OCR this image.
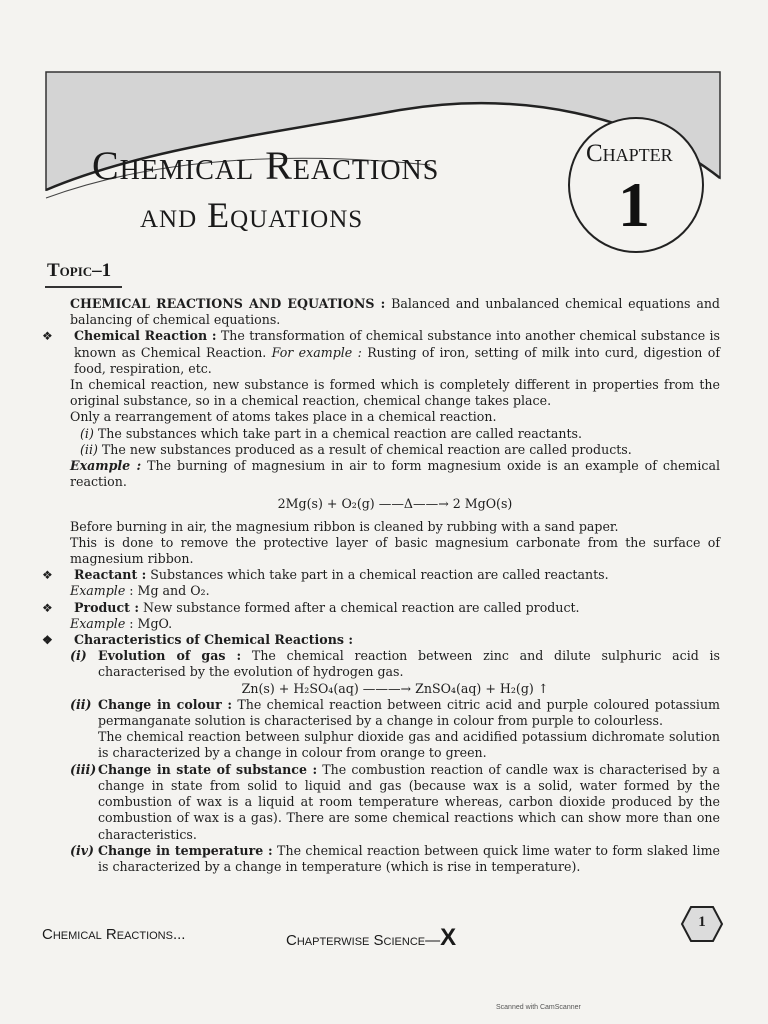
Chemical Reactions
and Equations
Chapter
1
Topic–1

CHEMICAL REACTIONS AND EQUATIONS : Balanced and unbalanced chemical equations and balancing of chemical equations.

❖ Chemical Reaction : The transformation of chemical substance into another chemical substance is known as Chemical Reaction. For example : Rusting of iron, setting of milk into curd, digestion of food, respiration, etc.

In chemical reaction, new substance is formed which is completely different in properties from the original substance, so in a chemical reaction, chemical change takes place.

Only a rearrangement of atoms takes place in a chemical reaction.

(i) The substances which take part in a chemical reaction are called reactants.

(ii) The new substances produced as a result of chemical reaction are called products.

Example : The burning of magnesium in air to form magnesium oxide is an example of chemical reaction.

2Mg(s) + O₂(g) ——Δ——→ 2 MgO(s)

Before burning in air, the magnesium ribbon is cleaned by rubbing with a sand paper.

This is done to remove the protective layer of basic magnesium carbonate from the surface of magnesium ribbon.

❖ Reactant : Substances which take part in a chemical reaction are called reactants.

Example : Mg and O₂.

❖ Product : New substance formed after a chemical reaction are called product.

Example : MgO.

❖ Characteristics of Chemical Reactions :

(i) Evolution of gas : The chemical reaction between zinc and dilute sulphuric acid is characterised by the evolution of hydrogen gas.

Zn(s) + H₂SO₄(aq) ———→ ZnSO₄(aq) + H₂(g) ↑

(ii) Change in colour : The chemical reaction between citric acid and purple coloured potassium permanganate solution is characterised by a change in colour from purple to colourless.

The chemical reaction between sulphur dioxide gas and acidified potassium dichromate solution is characterized by a change in colour from orange to green.

(iii) Change in state of substance : The combustion reaction of candle wax is characterised by a change in state from solid to liquid and gas (because wax is a solid, water formed by the combustion of wax is a liquid at room temperature whereas, carbon dioxide produced by the combustion of wax is a gas). There are some chemical reactions which can show more than one characteristics.

(iv) Change in temperature : The chemical reaction between quick lime water to form slaked lime is characterized by a change in temperature (which is rise in temperature).

Chemical Reactions...	Chapterwise Science—X
1
Scanned with CamScanner
